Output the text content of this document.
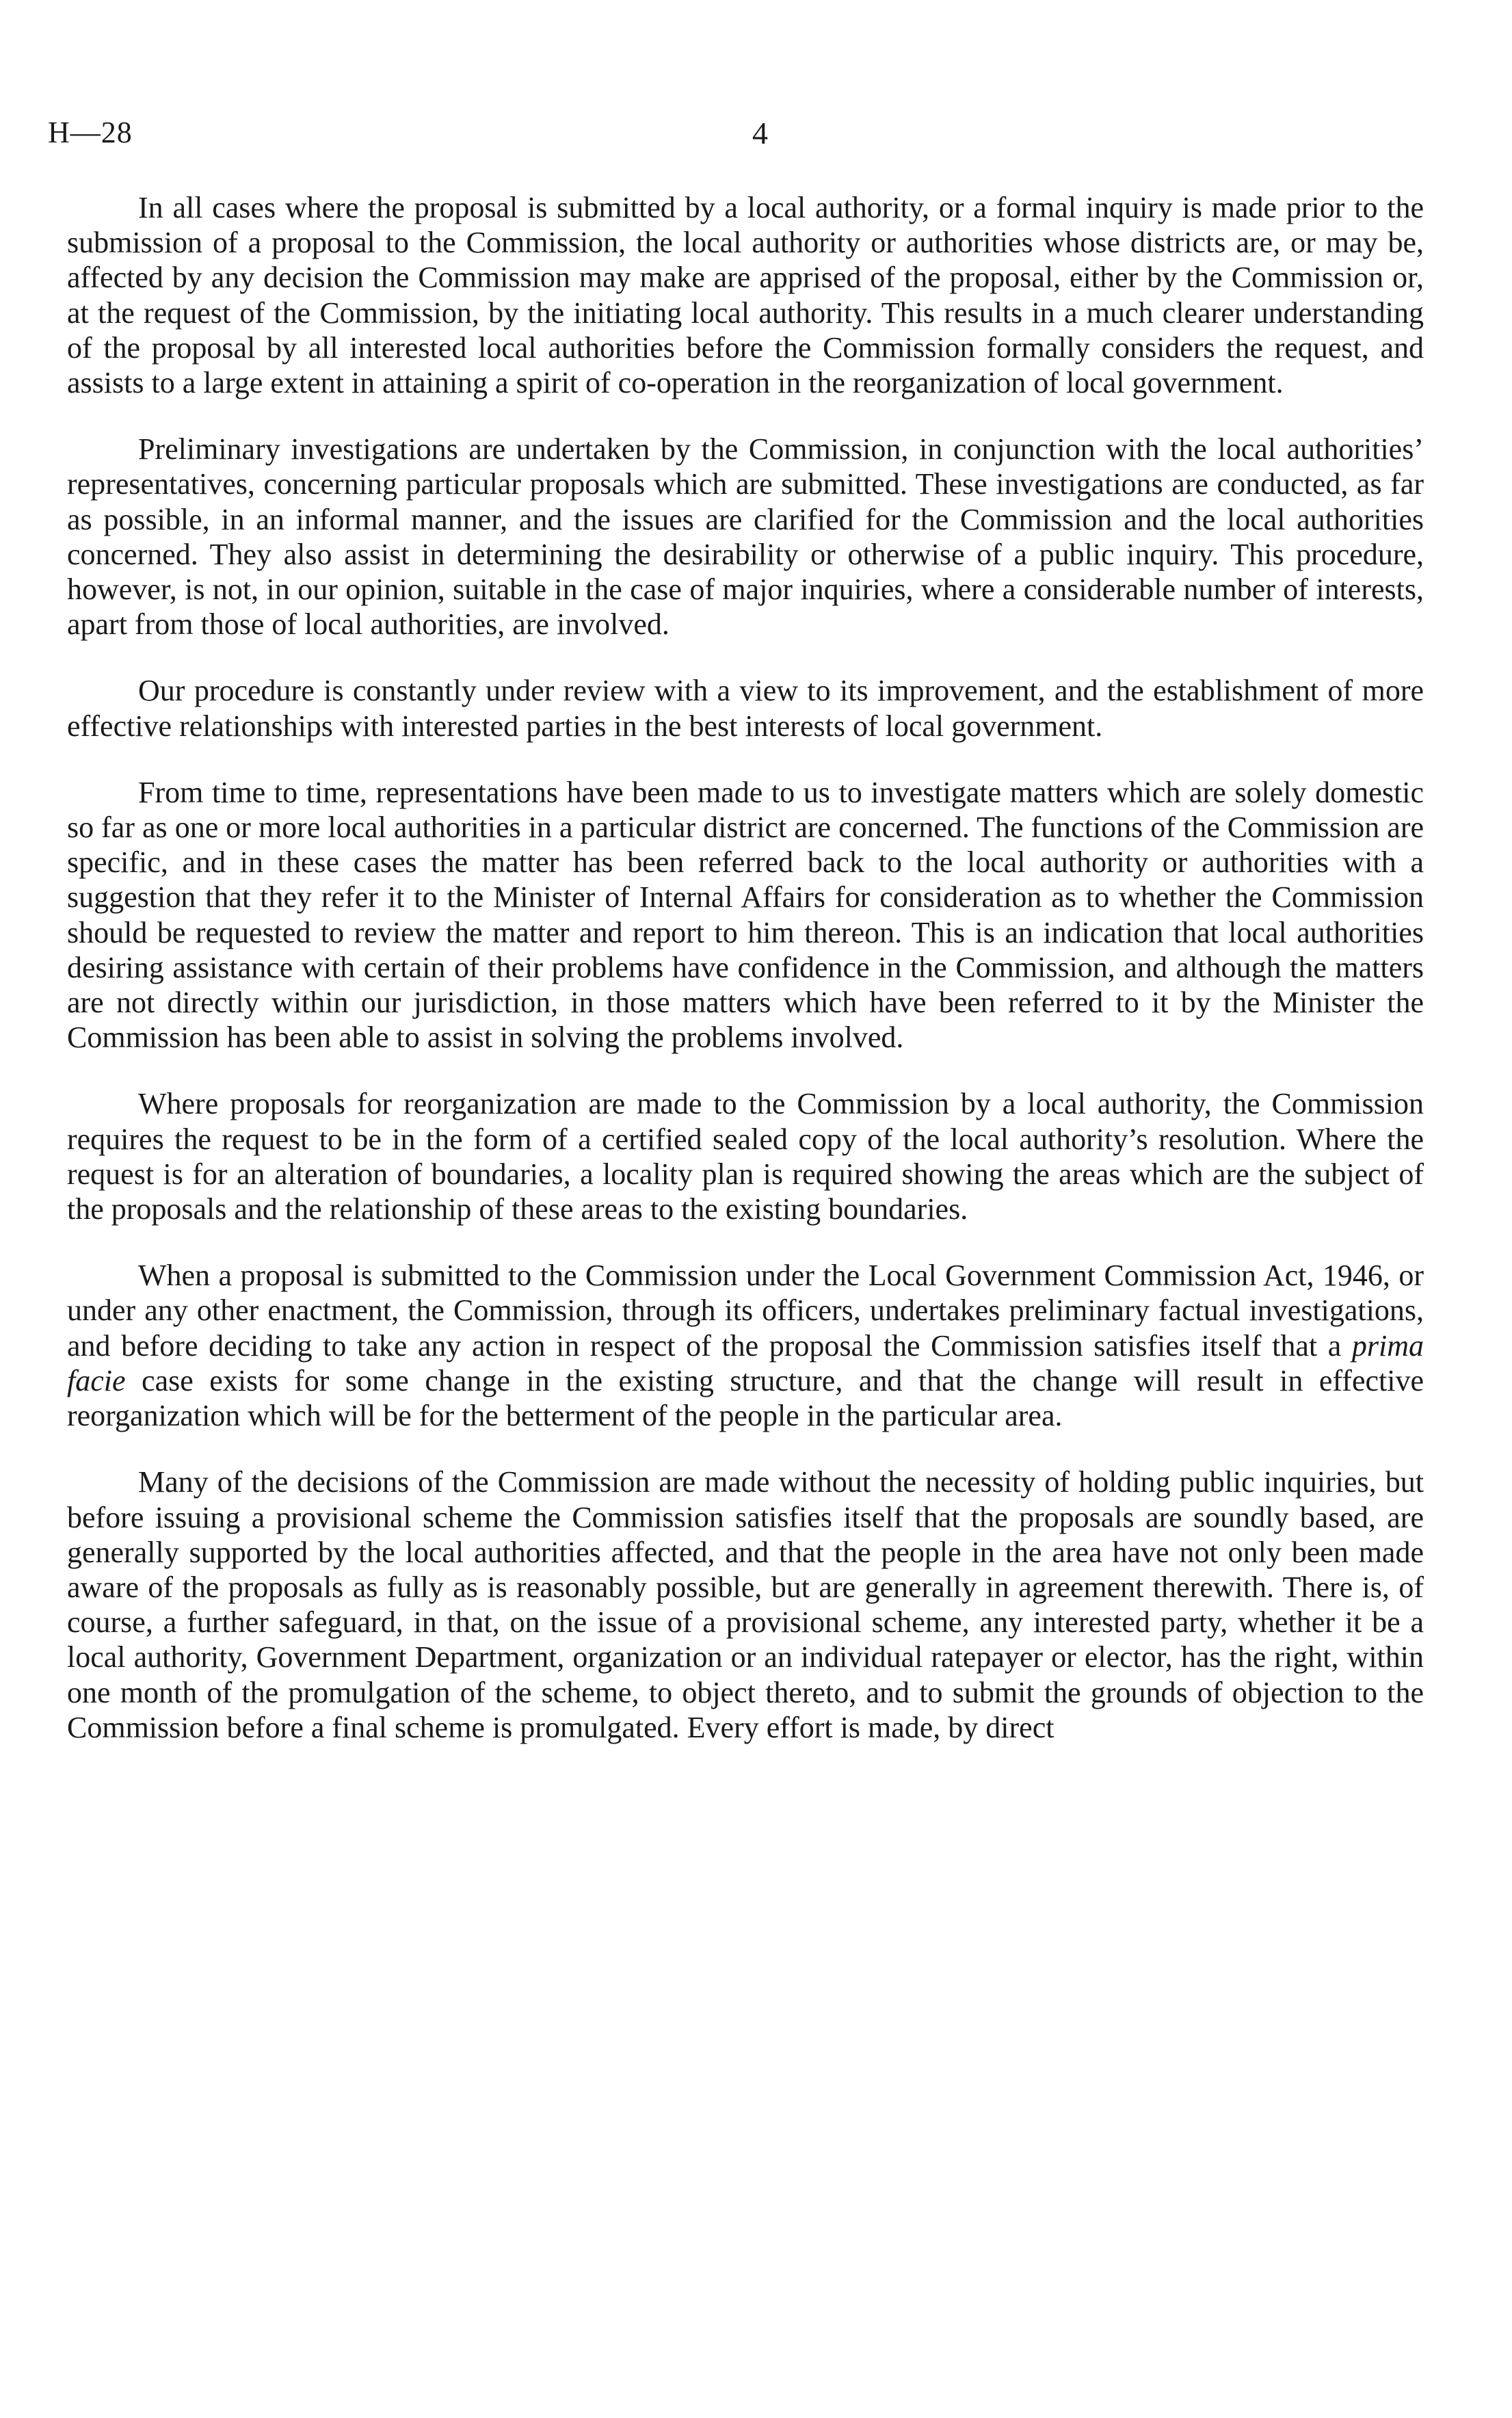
H—28	4

In all cases where the proposal is submitted by a local authority, or a formal inquiry is made prior to the submission of a proposal to the Commission, the local authority or authorities whose districts are, or may be, affected by any decision the Commission may make are apprised of the proposal, either by the Commission or, at the request of the Commission, by the initiating local authority. This results in a much clearer understanding of the proposal by all interested local authorities before the Commission formally considers the request, and assists to a large extent in attaining a spirit of co-operation in the reorganization of local government.

Preliminary investigations are undertaken by the Commission, in conjunction with the local authorities’ representatives, concerning particular proposals which are submitted. These investigations are conducted, as far as possible, in an informal manner, and the issues are clarified for the Commission and the local authorities concerned. They also assist in determining the desirability or otherwise of a public inquiry. This procedure, however, is not, in our opinion, suitable in the case of major inquiries, where a considerable number of interests, apart from those of local authorities, are involved.

Our procedure is constantly under review with a view to its improvement, and the establishment of more effective relationships with interested parties in the best interests of local government.

From time to time, representations have been made to us to investigate matters which are solely domestic so far as one or more local authorities in a particular district are concerned. The functions of the Commission are specific, and in these cases the matter has been referred back to the local authority or authorities with a suggestion that they refer it to the Minister of Internal Affairs for consideration as to whether the Commission should be requested to review the matter and report to him thereon. This is an indication that local authorities desiring assistance with certain of their problems have confidence in the Commission, and although the matters are not directly within our jurisdiction, in those matters which have been referred to it by the Minister the Commission has been able to assist in solving the problems involved.

Where proposals for reorganization are made to the Commission by a local authority, the Commission requires the request to be in the form of a certified sealed copy of the local authority’s resolution. Where the request is for an alteration of boundaries, a locality plan is required showing the areas which are the subject of the proposals and the relationship of these areas to the existing boundaries.

When a proposal is submitted to the Commission under the Local Government Commission Act, 1946, or under any other enactment, the Commission, through its officers, undertakes preliminary factual investigations, and before deciding to take any action in respect of the proposal the Commission satisfies itself that a prima facie case exists for some change in the existing structure, and that the change will result in effective reorganization which will be for the betterment of the people in the particular area.

Many of the decisions of the Commission are made without the necessity of holding public inquiries, but before issuing a provisional scheme the Commission satisfies itself that the proposals are soundly based, are generally supported by the local authorities affected, and that the people in the area have not only been made aware of the proposals as fully as is reasonably possible, but are generally in agreement therewith. There is, of course, a further safeguard, in that, on the issue of a provisional scheme, any interested party, whether it be a local authority, Government Department, organization or an individual ratepayer or elector, has the right, within one month of the promulgation of the scheme, to object thereto, and to submit the grounds of objection to the Commission before a final scheme is promulgated. Every effort is made, by direct
